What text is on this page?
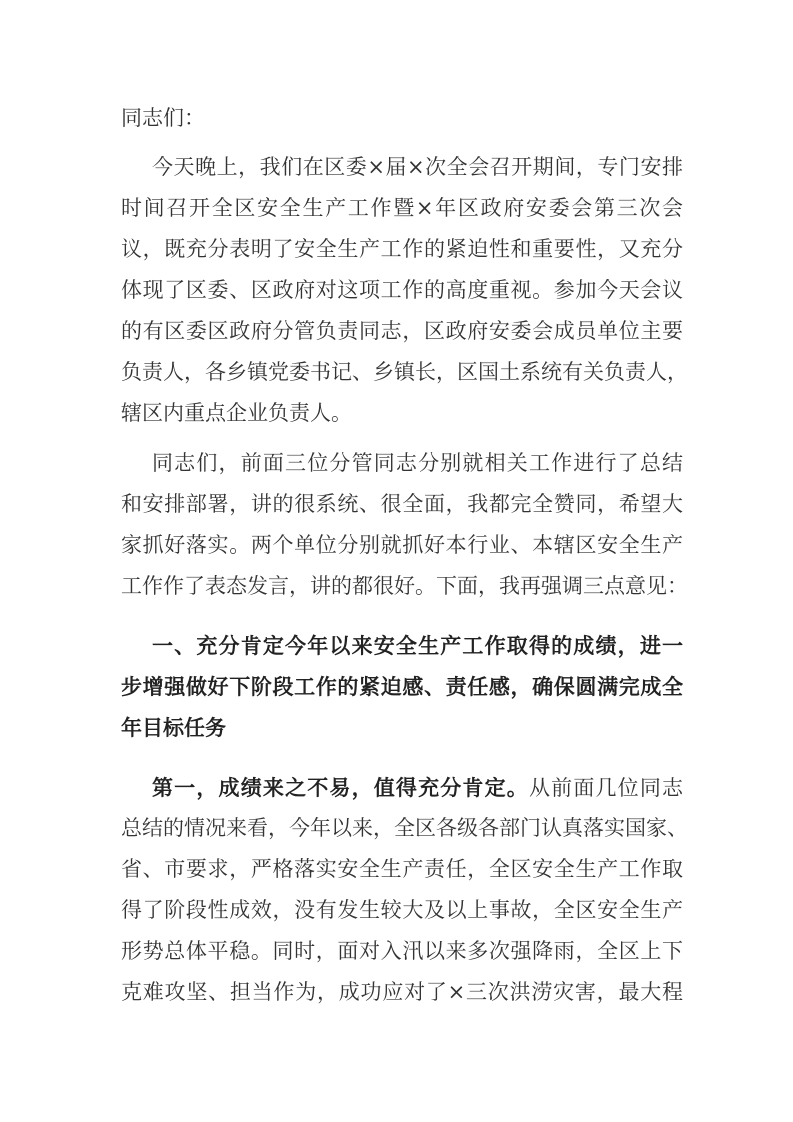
同志们：
今天晚上，我们在区委×届×次全会召开期间，专门安排
时间召开全区安全生产工作暨×年区政府安委会第三次会
议，既充分表明了安全生产工作的紧迫性和重要性，又充分
体现了区委、区政府对这项工作的高度重视。参加今天会议
的有区委区政府分管负责同志，区政府安委会成员单位主要
负责人，各乡镇党委书记、乡镇长，区国土系统有关负责人，
辖区内重点企业负责人。
同志们，前面三位分管同志分别就相关工作进行了总结
和安排部署，讲的很系统、很全面，我都完全赞同，希望大
家抓好落实。两个单位分别就抓好本行业、本辖区安全生产
工作作了表态发言，讲的都很好。下面，我再强调三点意见：
一、充分肯定今年以来安全生产工作取得的成绩，进一
步增强做好下阶段工作的紧迫感、责任感，确保圆满完成全
年目标任务
第一，成绩来之不易，值得充分肯定。从前面几位同志
总结的情况来看，今年以来，全区各级各部门认真落实国家、
省、市要求，严格落实安全生产责任，全区安全生产工作取
得了阶段性成效，没有发生较大及以上事故，全区安全生产
形势总体平稳。同时，面对入汛以来多次强降雨，全区上下
克难攻坚、担当作为，成功应对了×三次洪涝灾害，最大程
